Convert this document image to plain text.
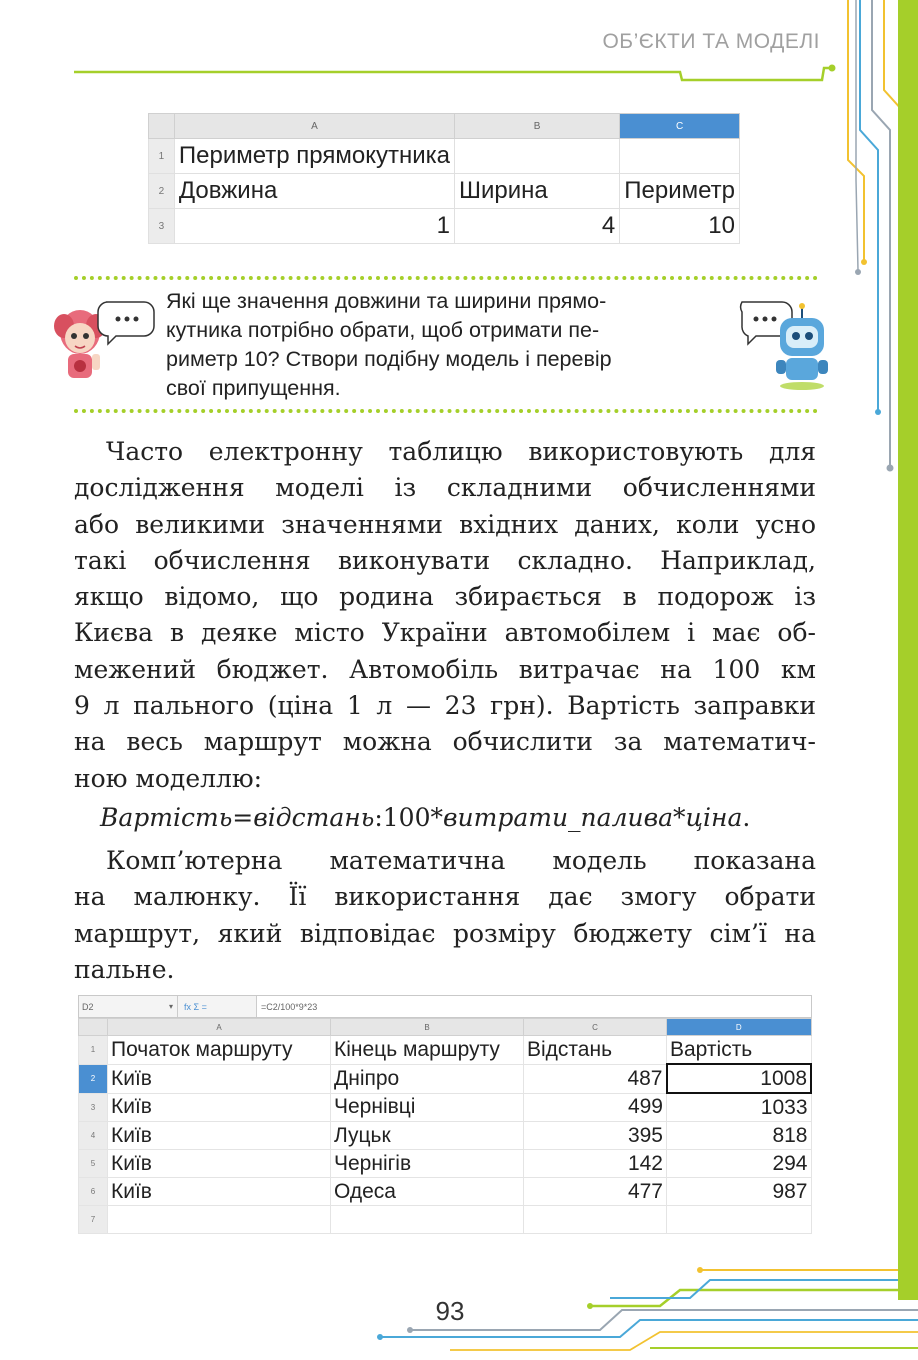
ОБ’ЄКТИ ТА МОДЕЛІ
	A	B	C
1	Периметр прямокутника		
2	Довжина	Ширина	Периметр
3	1	4	10
Які ще значення довжини та ширини прямо-
кутника потрібно обрати, щоб отримати пе-
риметр 10? Створи подібну модель і перевір
свої припущення.
Часто електронну таблицю використовують для
дослідження моделі із складними обчисленнями
або великими значеннями вхідних даних, коли усно
такі обчислення виконувати складно. Наприклад,
якщо відомо, що родина збирається в подорож із
Києва в деяке місто України автомобілем і має об-
межений бюджет. Автомобіль витрачає на 100 км
9 л пального (ціна 1 л — 23 грн). Вартість заправки
на весь маршрут можна обчислити за математич-
ною моделлю:
Вартість=відстань:100*витрати_палива*ціна.
Комп’ютерна математична модель показана
на малюнку. Її використання дає змогу обрати
маршрут, який відповідає розміру бюджету сім’ї на
пальне.
D2	▾	fx Σ =	=C2/100*9*23
	A	B	C	D
1	Початок маршруту	Кінець маршруту	Відстань	Вартість
2	Київ	Дніпро	487	1008
3	Київ	Чернівці	499	1033
4	Київ	Луцьк	395	818
5	Київ	Чернігів	142	294
6	Київ	Одеса	477	987
7				
93
